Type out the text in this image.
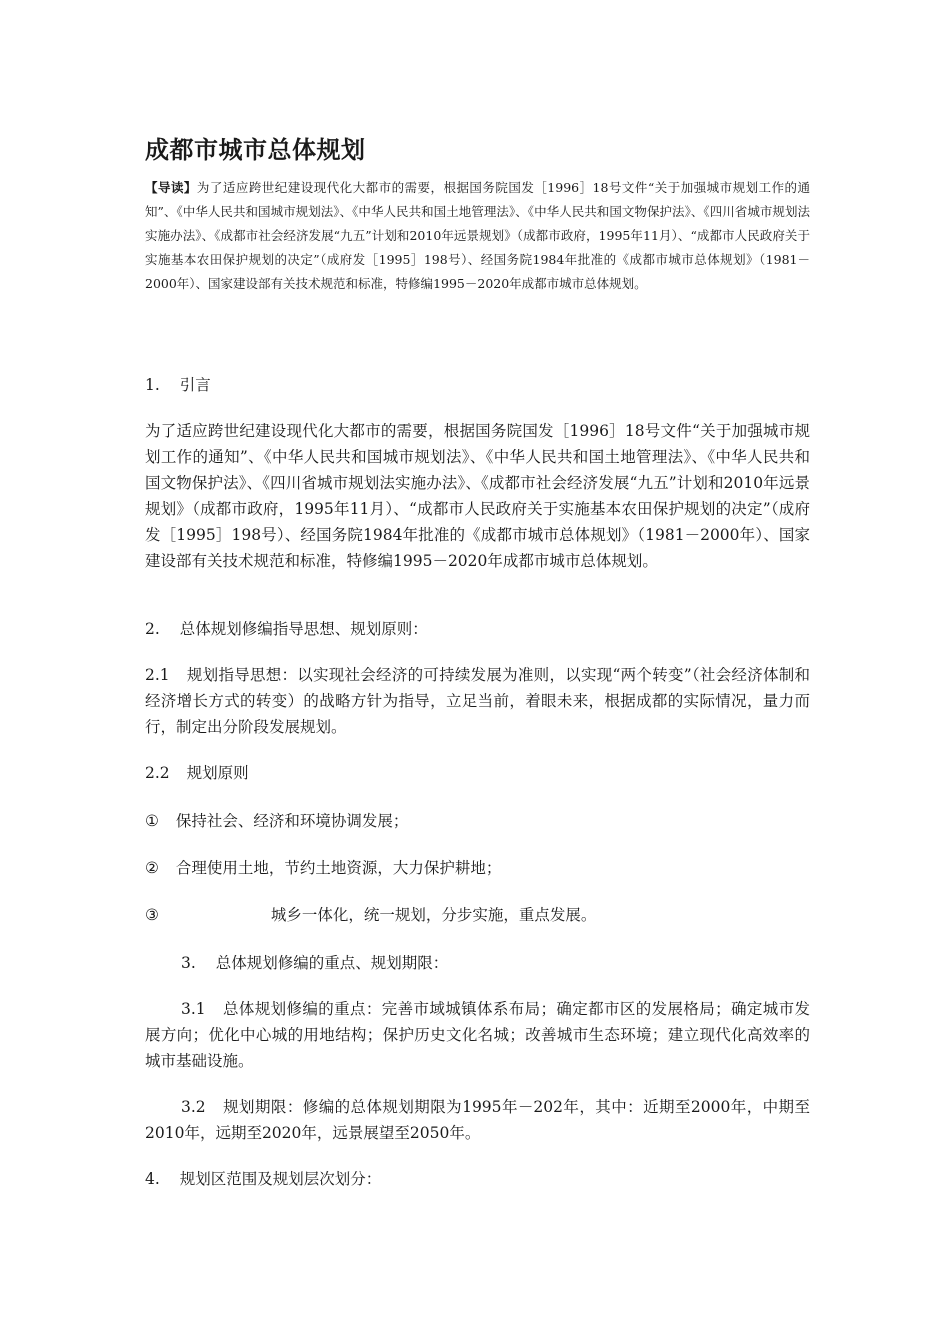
成都市城市总体规划

【导读】为了适应跨世纪建设现代化大都市的需要，根据国务院国发［1996］18号文件“关于加强城市规划工作的通知”、《中华人民共和国城市规划法》、《中华人民共和国土地管理法》、《中华人民共和国文物保护法》、《四川省城市规划法实施办法》、《成都市社会经济发展“九五”计划和2010年远景规划》（成都市政府，1995年11月）、“成都市人民政府关于实施基本农田保护规划的决定”（成府发［1995］198号）、经国务院1984年批准的《成都市城市总体规划》（1981－2000年）、国家建设部有关技术规范和标准，特修编1995－2020年成都市城市总体规划。

1. 引言

为了适应跨世纪建设现代化大都市的需要，根据国务院国发［1996］18号文件“关于加强城市规划工作的通知”、《中华人民共和国城市规划法》、《中华人民共和国土地管理法》、《中华人民共和国文物保护法》、《四川省城市规划法实施办法》、《成都市社会经济发展“九五”计划和2010年远景规划》（成都市政府，1995年11月）、“成都市人民政府关于实施基本农田保护规划的决定”（成府发［1995］198号）、经国务院1984年批准的《成都市城市总体规划》（1981－2000年）、国家建设部有关技术规范和标准，特修编1995－2020年成都市城市总体规划。

2. 总体规划修编指导思想、规划原则：

2.1 规划指导思想：以实现社会经济的可持续发展为准则，以实现“两个转变”（社会经济体制和经济增长方式的转变）的战略方针为指导，立足当前，着眼未来，根据成都的实际情况，量力而行，制定出分阶段发展规划。

2.2 规划原则

① 保持社会、经济和环境协调发展；

② 合理使用土地，节约土地资源，大力保护耕地；

③	城乡一体化，统一规划，分步实施，重点发展。

3. 总体规划修编的重点、规划期限：

3.1 总体规划修编的重点：完善市域城镇体系布局；确定都市区的发展格局；确定城市发展方向；优化中心城的用地结构；保护历史文化名城；改善城市生态环境；建立现代化高效率的城市基础设施。

3.2 规划期限：修编的总体规划期限为1995年－202年，其中：近期至2000年，中期至2010年，远期至2020年，远景展望至2050年。

4. 规划区范围及规划层次划分：
